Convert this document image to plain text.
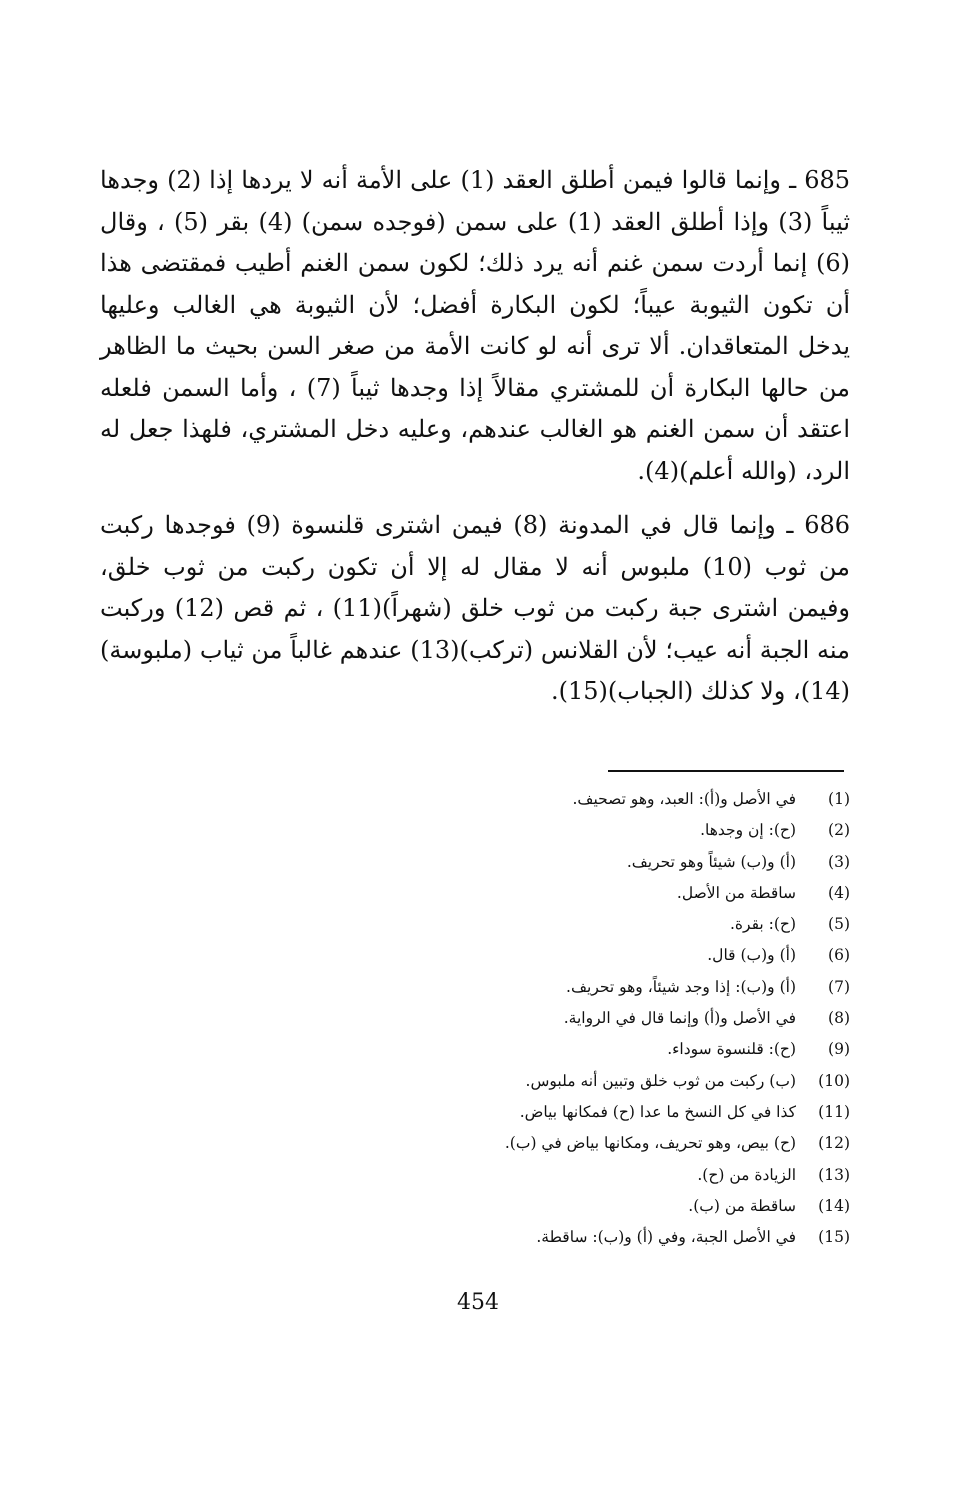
685 ـ وإنما قالوا فيمن أطلق العقد (1) على الأمة أنه لا يردها إذا (2) وجدها ثيباً (3) وإذا أطلق العقد (1) على سمن (فوجده سمن) (4) بقر (5) ، وقال (6) إنما أردت سمن غنم أنه يرد ذلك؛ لكون سمن الغنم أطيب فمقتضى هذا أن تكون الثيوبة عيباً؛ لكون البكارة أفضل؛ لأن الثيوبة هي الغالب وعليها يدخل المتعاقدان. ألا ترى أنه لو كانت الأمة من صغر السن بحيث ما الظاهر من حالها البكارة أن للمشتري مقالاً إذا وجدها ثيباً (7) ، وأما السمن فلعله اعتقد أن سمن الغنم هو الغالب عندهم، وعليه دخل المشتري، فلهذا جعل له الرد، (والله أعلم)(4).
686 ـ وإنما قال في المدونة (8) فيمن اشترى قلنسوة (9) فوجدها ركبت من ثوب (10) ملبوس أنه لا مقال له إلا أن تكون ركبت من ثوب خلق، وفيمن اشترى جبة ركبت من ثوب خلق (شهراً)(11) ، ثم قص (12) وركبت منه الجبة أنه عيب؛ لأن القلانس (تركب)(13) عندهم غالباً من ثياب (ملبوسة)(14)، ولا كذلك (الجباب)(15).
(1)
في الأصل و(أ): العبد، وهو تصحيف.
(2)
(ح): إن وجدها.
(3)
(أ) و(ب) شيئاً وهو تحريف.
(4)
ساقطة من الأصل.
(5)
(ح): بقرة.
(6)
(أ) و(ب) قال.
(7)
(أ) و(ب): إذا وجد شيئاً، وهو تحريف.
(8)
في الأصل و(أ) وإنما قال في الرواية.
(9)
(ح): قلنسوة سوداء.
(10)
(ب) ركبت من ثوب خلق وتبين أنه ملبوس.
(11)
كذا في كل النسخ ما عدا (ح) فمكانها بياض.
(12)
(ح) بيص، وهو تحريف، ومكانها بياض في (ب).
(13)
الزيادة من (ح).
(14)
ساقطة من (ب).
(15)
في الأصل الجبة، وفي (أ) و(ب): ساقطة.
454
